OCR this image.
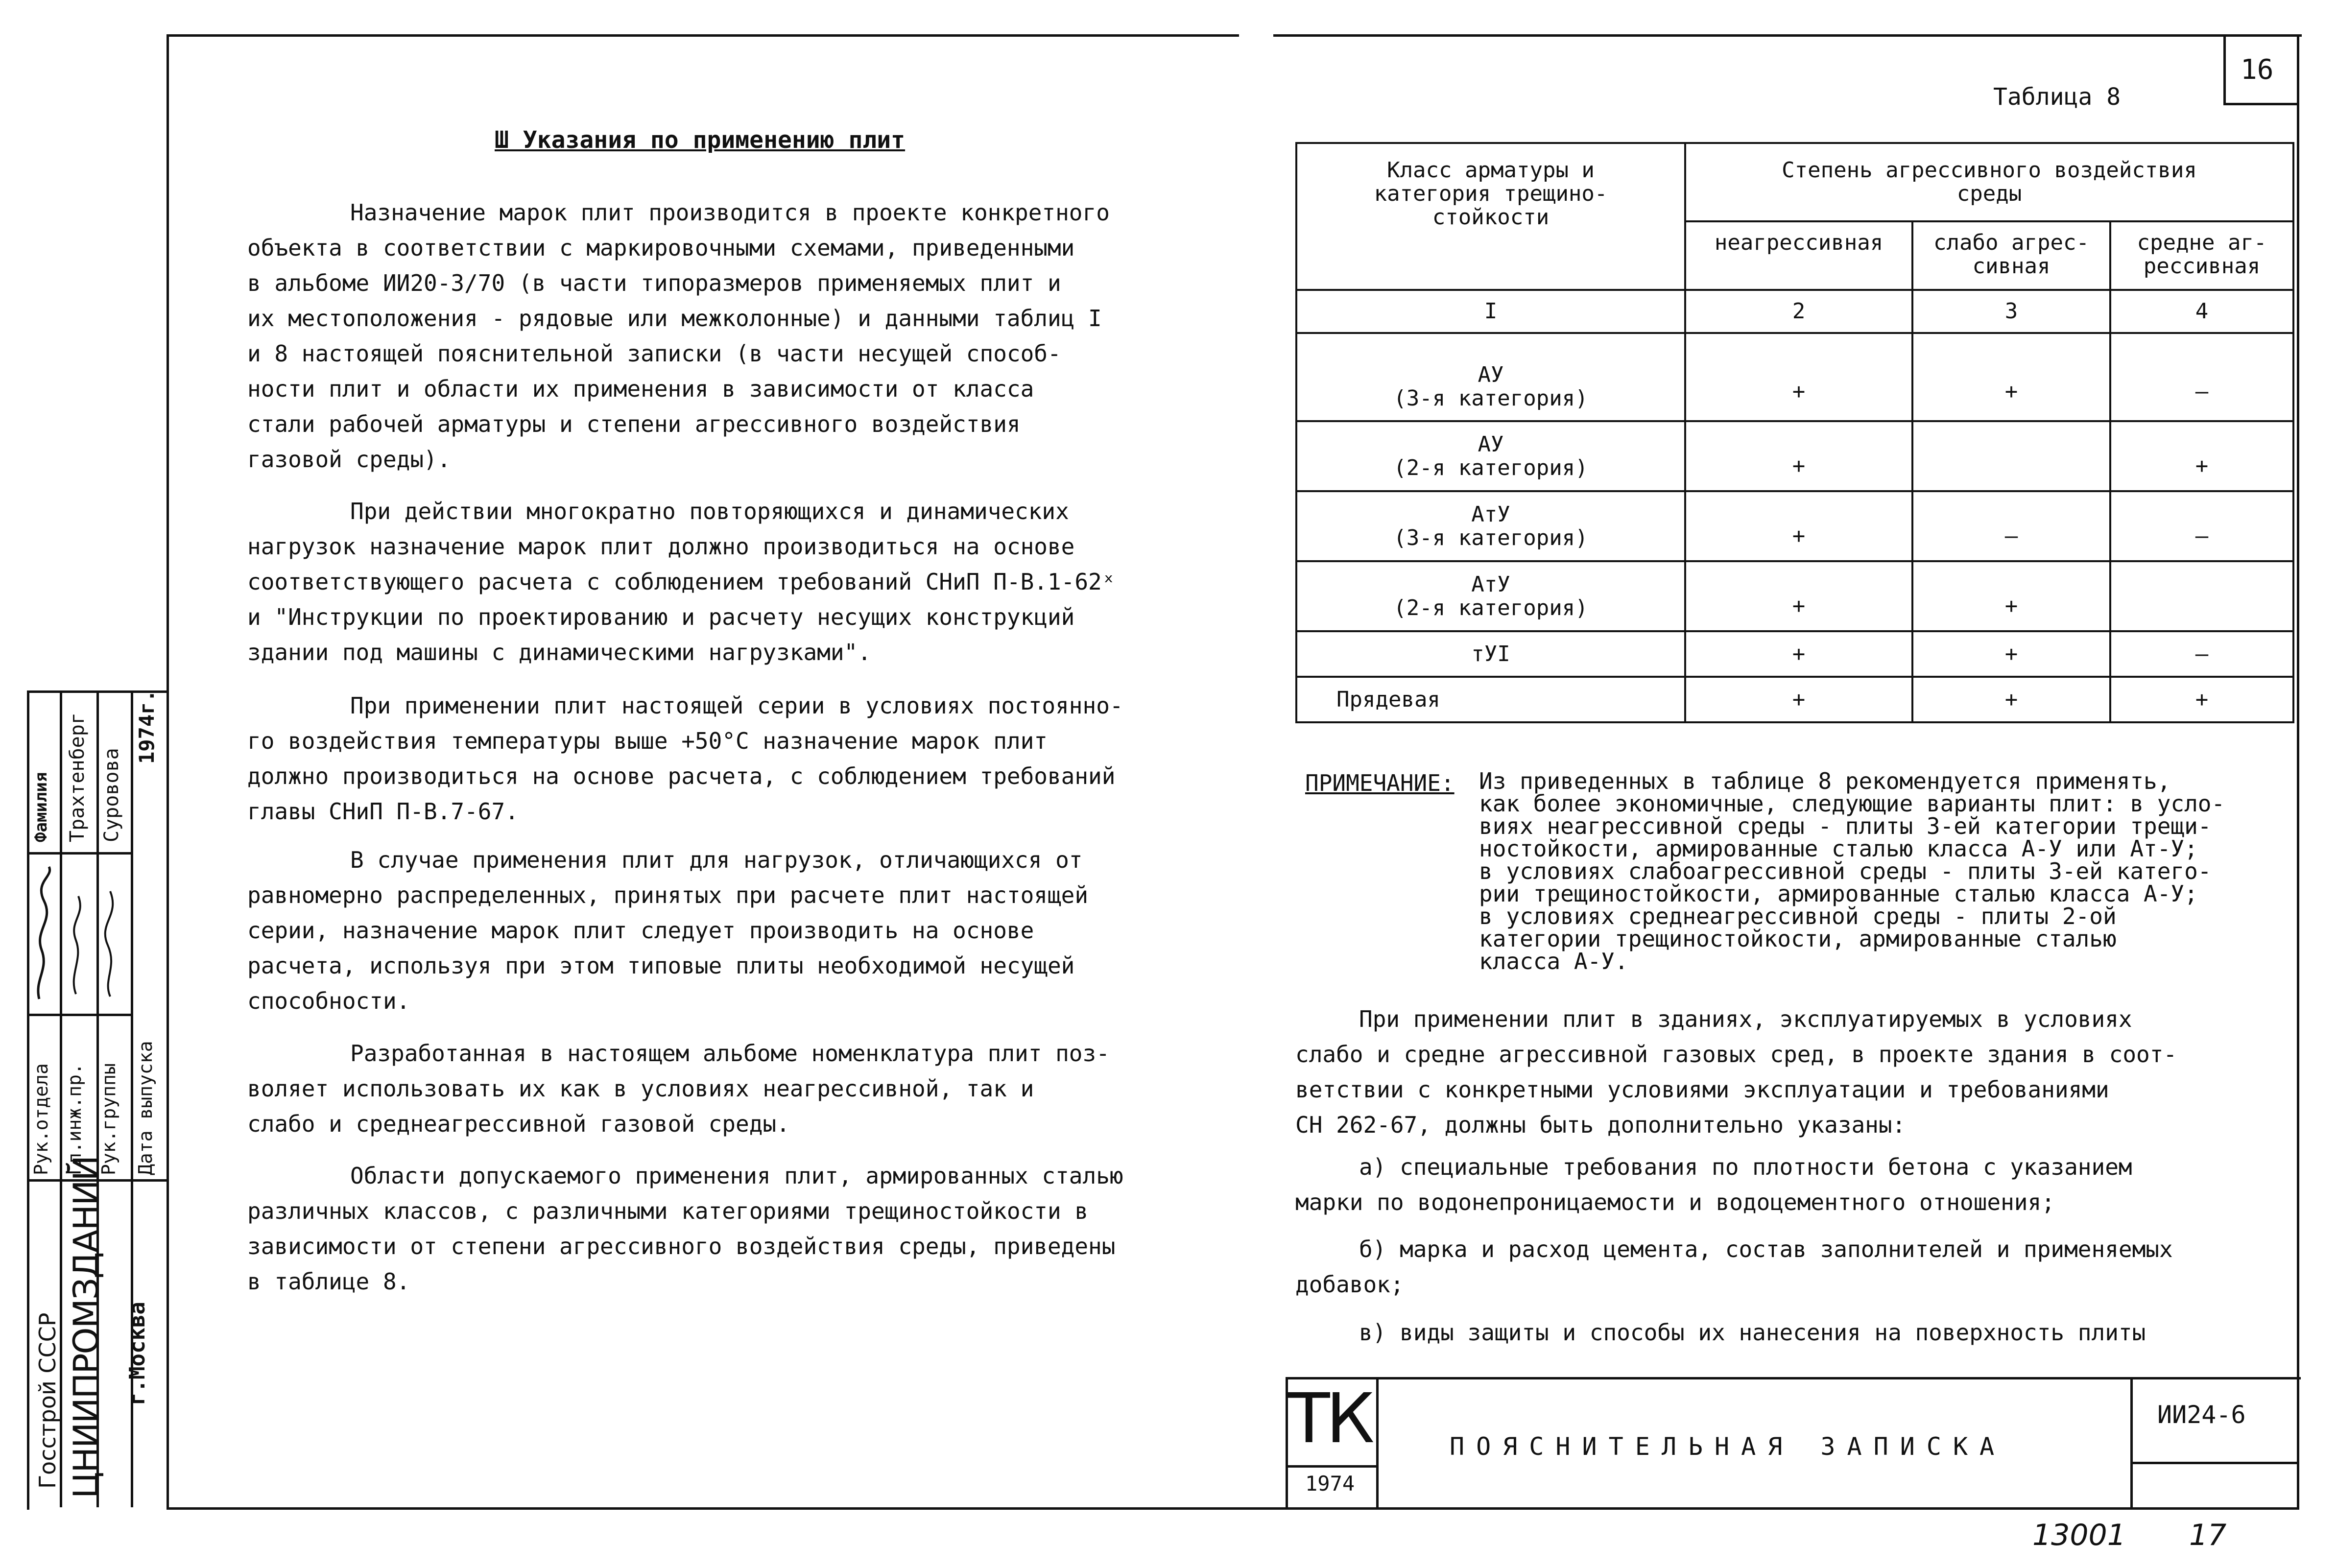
16
Ш Указания по применению плит
Таблица 8
Назначение марок плит производится в проекте конкретного
объекта в соответствии с маркировочными схемами, приведенными
в альбоме ИИ20-3/70 (в части типоразмеров применяемых плит и
их местоположения - рядовые или межколонные) и данными таблиц I
и 8 настоящей пояснительной записки (в части несущей способ-
ности плит и области их применения в зависимости от класса
стали рабочей арматуры и степени агрессивного воздействия
газовой среды).
При действии многократно повторяющихся и динамических
нагрузок назначение марок плит должно производиться на основе
соответствующего расчета с соблюдением требований СНиП П-В.1-62ˣ
и "Инструкции по проектированию и расчету несущих конструкций
здании под машины с динамическими нагрузками".
При применении плит настоящей серии в условиях постоянно-
го воздействия температуры выше +50°С назначение марок плит
должно производиться на основе расчета, с соблюдением требований
главы СНиП П-В.7-67.
В случае применения плит для нагрузок, отличающихся от
равномерно распределенных, принятых при расчете плит настоящей
серии, назначение марок плит следует производить на основе
расчета, используя при этом типовые плиты необходимой несущей
способности.
Разработанная в настоящем альбоме номенклатура плит поз-
воляет использовать их как в условиях неагрессивной, так и
слабо и среднеагрессивной газовой среды.
Области допускаемого применения плит, армированных сталью
различных классов, с различными категориями трещиностойкости в
зависимости от степени агрессивного воздействия среды, приведены
в таблице 8.
Класс арматуры и
категория трещино-
стойкости	Степень агрессивного воздействия
среды		
	неагрессивная	слабо агрес-
сивная	средне аг-
рессивная
I	2	3	4
АУ
(3-я категория)	+	+	–
АУ
(2-я категория)	+		+
АтУ
(3-я категория)	+	–	–
АтУ
(2-я категория)	+	+	
тУI	+	+	–
Прядевая	+	+	+
ПРИМЕЧАНИЕ: Из приведенных в таблице 8 рекомендуется применять,
как более экономичные, следующие варианты плит: в усло-
виях неагрессивной среды - плиты 3-ей категории трещи-
ностойкости, армированные сталью класса А-У или Ат-У;
в условиях слабоагрессивной среды - плиты 3-ей катего-
рии трещиностойкости, армированные сталью класса А-У;
в условиях среднеагрессивной среды - плиты 2-ой
категории трещиностойкости, армированные сталью
класса А-У.
При применении плит в зданиях, эксплуатируемых в условиях
слабо и средне агрессивной газовых сред, в проекте здания в соот-
ветствии с конкретными условиями эксплуатации и требованиями
СН 262-67, должны быть дополнительно указаны:
а) специальные требования по плотности бетона с указанием
марки по водонепроницаемости и водоцементного отношения;
б) марка и расход цемента, состав заполнителей и применяемых
добавок;
в) виды защиты и способы их нанесения на поверхность плиты
ТК
1974
ПОЯСНИТЕЛЬНАЯ ЗАПИСКА
ИИ24-6
13001 17
Госстрой СССР ЦНИИПРОМЗДАНИЙ г.Москва
Рук.отдела Гл.инж.пр. Рук.группы Дата выпуска
Фамилия Трахтенберг Суровова
1974г.
